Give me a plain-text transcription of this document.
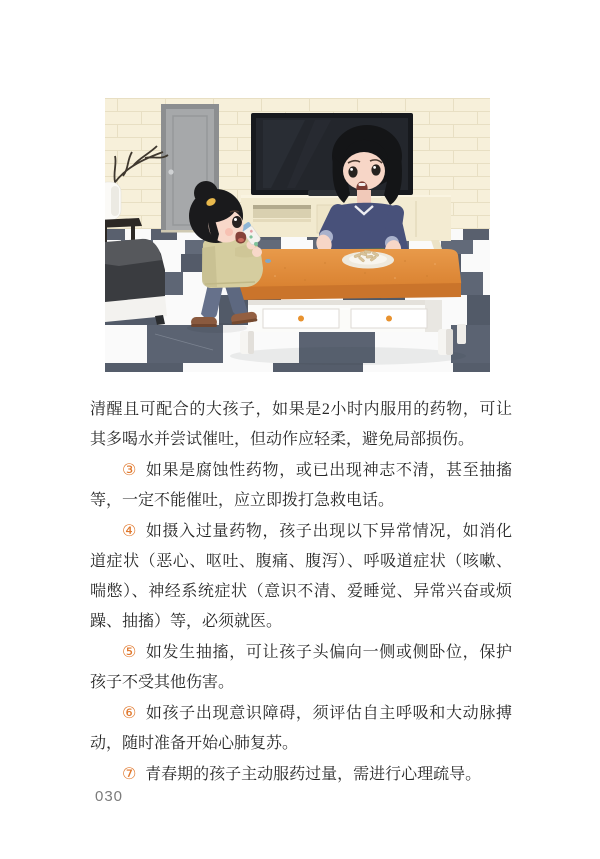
清醒且可配合的大孩子，如果是2小时内服用的药物，可让其多喝水并尝试催吐，但动作应轻柔，避免局部损伤。

③ 如果是腐蚀性药物，或已出现神志不清，甚至抽搐等，一定不能催吐，应立即拨打急救电话。

④ 如摄入过量药物，孩子出现以下异常情况，如消化道症状（恶心、呕吐、腹痛、腹泻）、呼吸道症状（咳嗽、喘憋）、神经系统症状（意识不清、爱睡觉、异常兴奋或烦躁、抽搐）等，必须就医。

⑤ 如发生抽搐，可让孩子头偏向一侧或侧卧位，保护孩子不受其他伤害。

⑥ 如孩子出现意识障碍，须评估自主呼吸和大动脉搏动，随时准备开始心肺复苏。

⑦ 青春期的孩子主动服药过量，需进行心理疏导。

030
